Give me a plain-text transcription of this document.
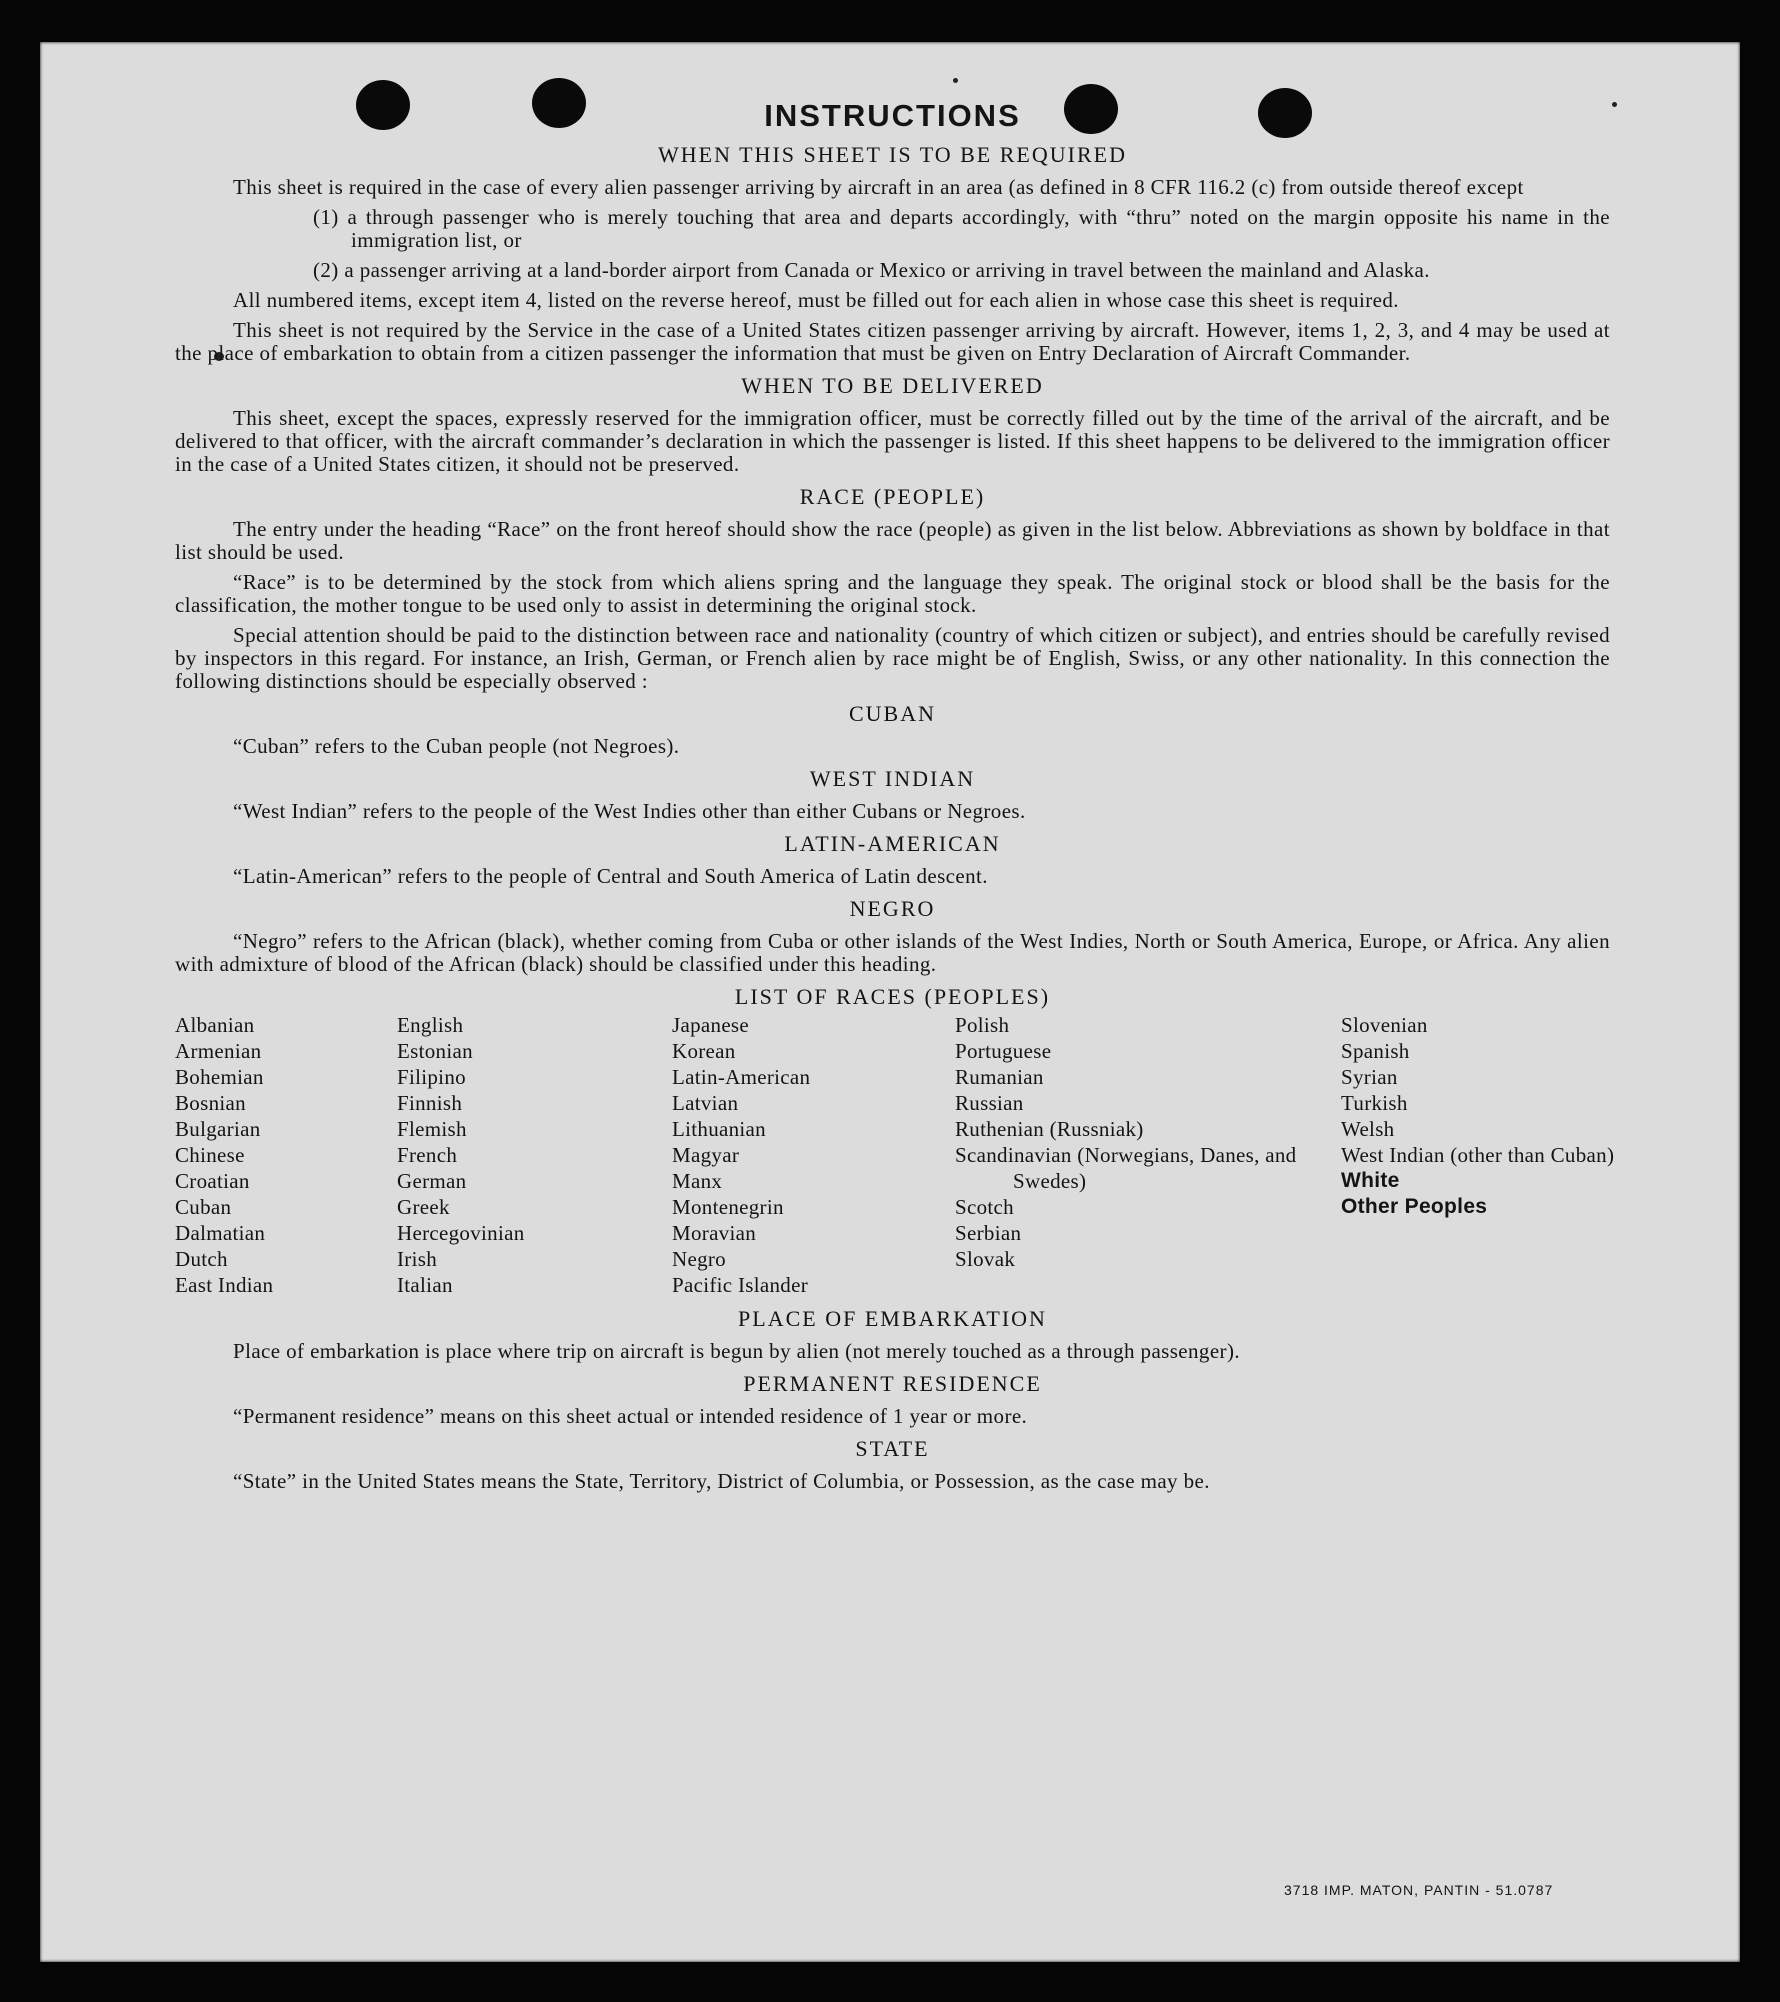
INSTRUCTIONS
WHEN THIS SHEET IS TO BE REQUIRED

This sheet is required in the case of every alien passenger arriving by aircraft in an area (as defined in 8 CFR 116.2 (c) from outside thereof except

(1) a through passenger who is merely touching that area and departs accordingly, with “thru” noted on the margin opposite his name in the immigration list, or

(2) a passenger arriving at a land-border airport from Canada or Mexico or arriving in travel between the mainland and Alaska.

All numbered items, except item 4, listed on the reverse hereof, must be filled out for each alien in whose case this sheet is required.

This sheet is not required by the Service in the case of a United States citizen passenger arriving by aircraft. However, items 1, 2, 3, and 4 may be used at the place of embarkation to obtain from a citizen passenger the information that must be given on Entry Declaration of Aircraft Commander.

WHEN TO BE DELIVERED

This sheet, except the spaces, expressly reserved for the immigration officer, must be correctly filled out by the time of the arrival of the aircraft, and be delivered to that officer, with the aircraft commander’s declaration in which the passenger is listed. If this sheet happens to be delivered to the immigration officer in the case of a United States citizen, it should not be preserved.

RACE (PEOPLE)

The entry under the heading “Race” on the front hereof should show the race (people) as given in the list below. Abbreviations as shown by boldface in that list should be used.

“Race” is to be determined by the stock from which aliens spring and the language they speak. The original stock or blood shall be the basis for the classification, the mother tongue to be used only to assist in determining the original stock.

Special attention should be paid to the distinction between race and nationality (country of which citizen or subject), and entries should be carefully revised by inspectors in this regard. For instance, an Irish, German, or French alien by race might be of English, Swiss, or any other nationality. In this connection the following distinctions should be especially observed :

CUBAN

“Cuban” refers to the Cuban people (not Negroes).

WEST INDIAN

“West Indian” refers to the people of the West Indies other than either Cubans or Negroes.

LATIN-AMERICAN

“Latin-American” refers to the people of Central and South America of Latin descent.

NEGRO

“Negro” refers to the African (black), whether coming from Cuba or other islands of the West Indies, North or South America, Europe, or Africa. Any alien with admixture of blood of the African (black) should be classified under this heading.

LIST OF RACES (PEOPLES)
Albanian
Armenian
Bohemian
Bosnian
Bulgarian
Chinese
Croatian
Cuban
Dalmatian
Dutch
East Indian
English
Estonian
Filipino
Finnish
Flemish
French
German
Greek
Hercegovinian
Irish
Italian
Japanese
Korean
Latin-American
Latvian
Lithuanian
Magyar
Manx
Montenegrin
Moravian
Negro
Pacific Islander
Polish
Portuguese
Rumanian
Russian
Ruthenian (Russniak)
Scandinavian (Norwegians, Danes, and Swedes)
Scotch
Serbian
Slovak
Slovenian
Spanish
Syrian
Turkish
Welsh
West Indian (other than Cuban)
White
Other Peoples
PLACE OF EMBARKATION

Place of embarkation is place where trip on aircraft is begun by alien (not merely touched as a through passenger).

PERMANENT RESIDENCE

“Permanent residence” means on this sheet actual or intended residence of 1 year or more.

STATE

“State” in the United States means the State, Territory, District of Columbia, or Possession, as the case may be.

3718 IMP. MATON, PANTIN - 51.0787
